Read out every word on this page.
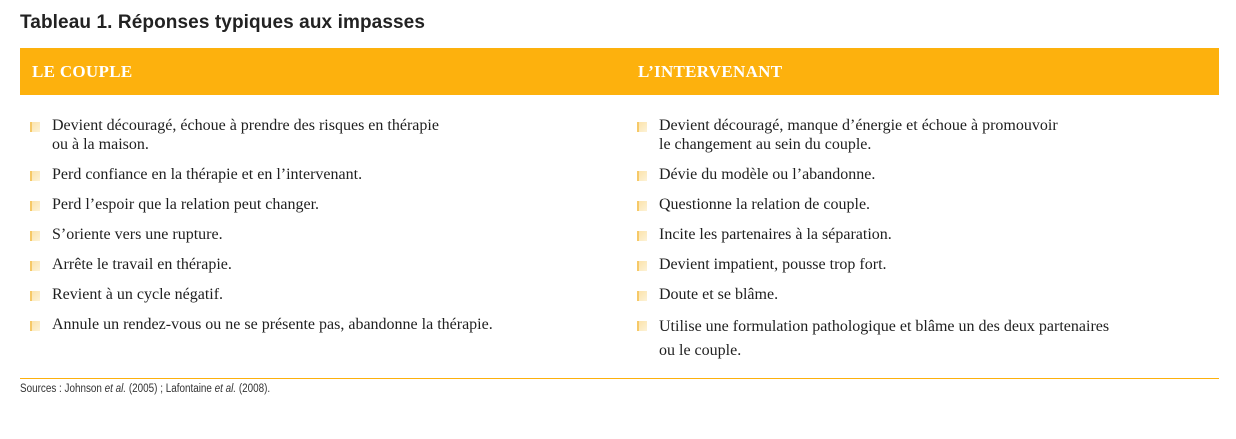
Tableau 1. Réponses typiques aux impasses
LE COUPLE	L’INTERVENANT
Devient découragé, échoue à prendre des risques en thérapie
ou à la maison.
Perd confiance en la thérapie et en l’intervenant.
Perd l’espoir que la relation peut changer.
S’oriente vers une rupture.
Arrête le travail en thérapie.
Revient à un cycle négatif.
Annule un rendez-vous ou ne se présente pas, abandonne la thérapie.
Devient découragé, manque d’énergie et échoue à promouvoir
le changement au sein du couple.
Dévie du modèle ou l’abandonne.
Questionne la relation de couple.
Incite les partenaires à la séparation.
Devient impatient, pousse trop fort.
Doute et se blâme.
Utilise une formulation pathologique et blâme un des deux partenaires
ou le couple.
Sources : Johnson et al. (2005) ; Lafontaine et al. (2008).
